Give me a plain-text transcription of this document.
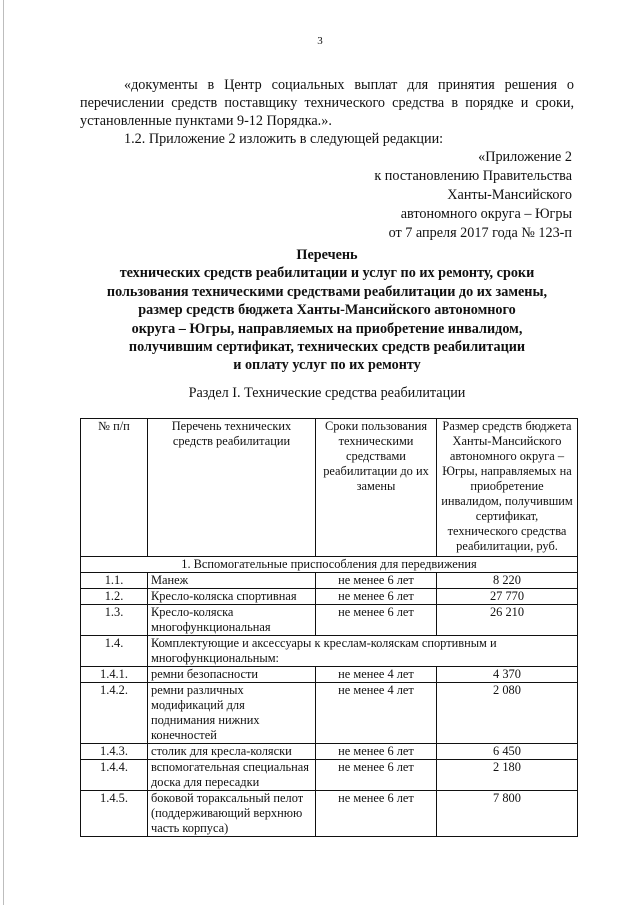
3
«документы в Центр социальных выплат для принятия решения о перечислении средств поставщику технического средства в порядке и сроки, установленные пунктами 9-12 Порядка.».
1.2. Приложение 2 изложить в следующей редакции:
«Приложение 2
к постановлению Правительства
Ханты-Мансийского
автономного округа – Югры
от 7 апреля 2017 года № 123-п
Перечень
технических средств реабилитации и услуг по их ремонту, сроки
пользования техническими средствами реабилитации до их замены,
размер средств бюджета Ханты-Мансийского автономного
округа – Югры, направляемых на приобретение инвалидом,
получившим сертификат, технических средств реабилитации
и оплату услуг по их ремонту
Раздел I. Технические средства реабилитации
№ п/п	Перечень технических средств реабилитации	Сроки пользования техническими средствами реабилитации до их замены	Размер средств бюджета Ханты-Мансийского автономного округа – Югры, направляемых на приобретение инвалидом, получившим сертификат, технического средства реабилитации, руб.
1. Вспомогательные приспособления для передвижения			
1.1.	Манеж	не менее 6 лет	8 220
1.2.	Кресло-коляска спортивная	не менее 6 лет	27 770
1.3.	Кресло-коляска многофункциональная	не менее 6 лет	26 210
1.4.	Комплектующие и аксессуары к креслам-коляскам спортивным и многофункциональным:		
1.4.1.	ремни безопасности	не менее 4 лет	4 370
1.4.2.	ремни различных модификаций для поднимания нижних конечностей	не менее 4 лет	2 080
1.4.3.	столик для кресла-коляски	не менее 6 лет	6 450
1.4.4.	вспомогательная специальная доска для пересадки	не менее 6 лет	2 180
1.4.5.	боковой тораксальный пелот (поддерживающий верхнюю часть корпуса)	не менее 6 лет	7 800
